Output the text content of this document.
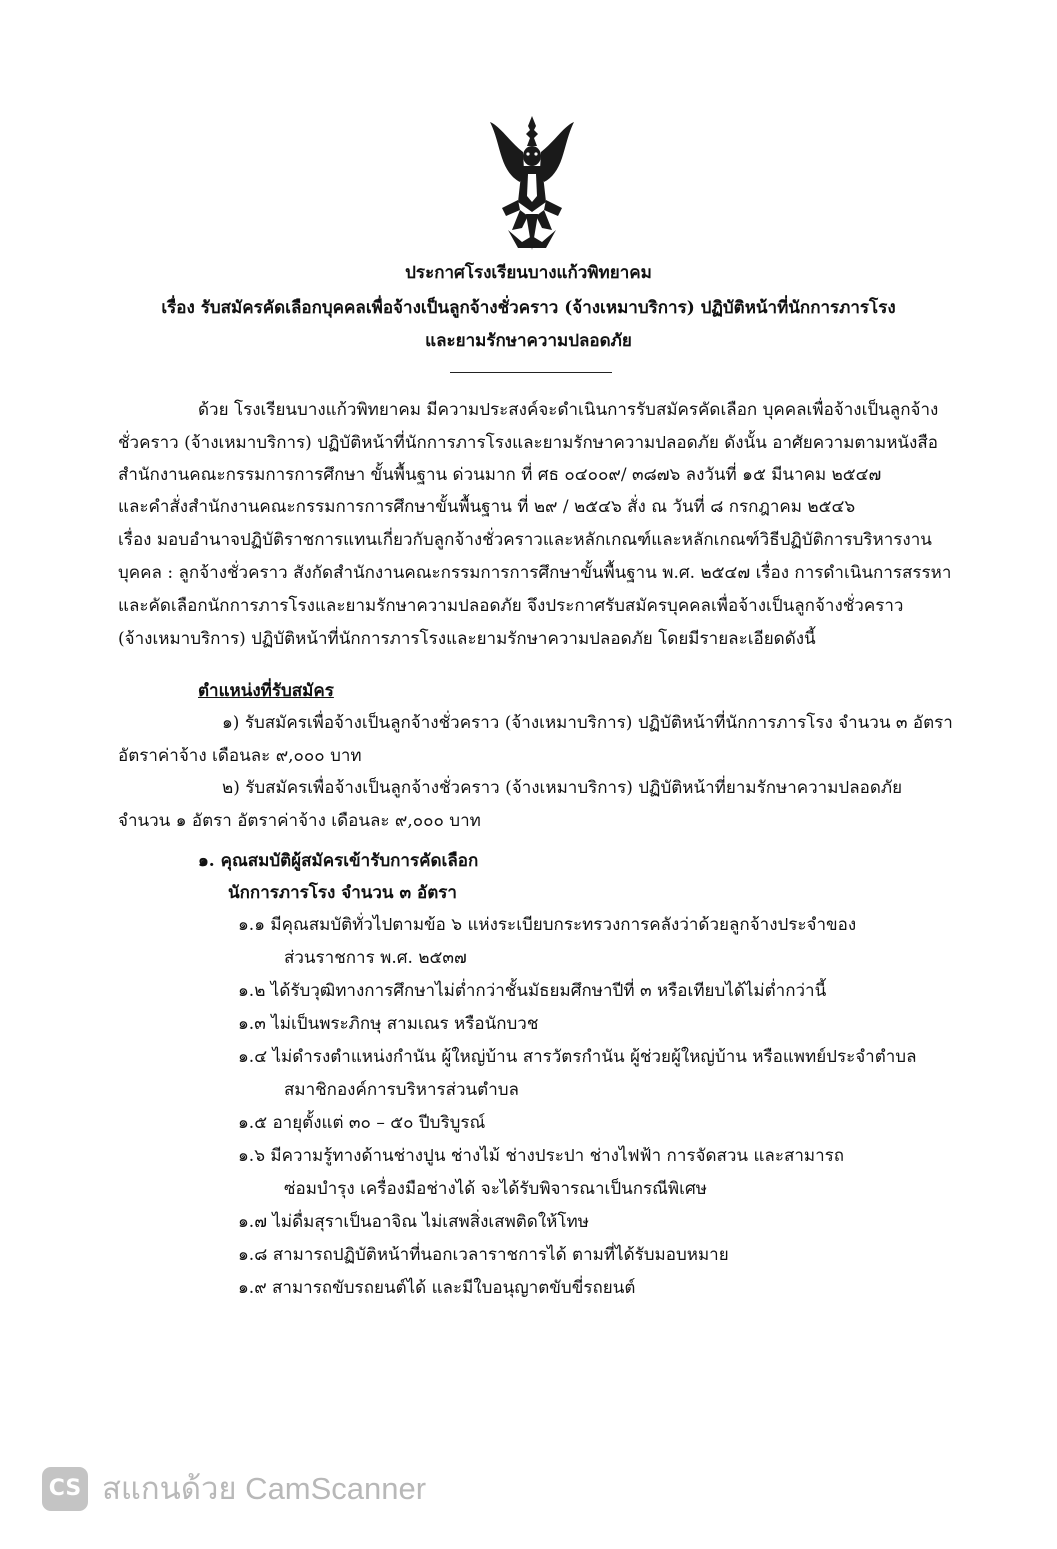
ประกาศโรงเรียนบางแก้วพิทยาคม
เรื่อง รับสมัครคัดเลือกบุคคลเพื่อจ้างเป็นลูกจ้างชั่วคราว (จ้างเหมาบริการ) ปฏิบัติหน้าที่นักการภารโรง
และยามรักษาความปลอดภัย
ด้วย โรงเรียนบางแก้วพิทยาคม มีความประสงค์จะดำเนินการรับสมัครคัดเลือก บุคคลเพื่อจ้างเป็นลูกจ้าง
ชั่วคราว (จ้างเหมาบริการ) ปฏิบัติหน้าที่นักการภารโรงและยามรักษาความปลอดภัย ดังนั้น อาศัยความตามหนังสือ
สำนักงานคณะกรรมการการศึกษา ขั้นพื้นฐาน ด่วนมาก ที่ ศธ ๐๔๐๐๙/ ๓๘๗๖ ลงวันที่ ๑๕ มีนาคม ๒๕๔๗
และคำสั่งสำนักงานคณะกรรมการการศึกษาขั้นพื้นฐาน ที่ ๒๙ / ๒๕๔๖ สั่ง ณ วันที่ ๘ กรกฎาคม ๒๕๔๖
เรื่อง มอบอำนาจปฏิบัติราชการแทนเกี่ยวกับลูกจ้างชั่วคราวและหลักเกณฑ์และหลักเกณฑ์วิธีปฏิบัติการบริหารงาน
บุคคล : ลูกจ้างชั่วคราว สังกัดสำนักงานคณะกรรมการการศึกษาขั้นพื้นฐาน พ.ศ. ๒๕๔๗ เรื่อง การดำเนินการสรรหา
และคัดเลือกนักการภารโรงและยามรักษาความปลอดภัย จึงประกาศรับสมัครบุคคลเพื่อจ้างเป็นลูกจ้างชั่วคราว
(จ้างเหมาบริการ) ปฏิบัติหน้าที่นักการภารโรงและยามรักษาความปลอดภัย โดยมีรายละเอียดดังนี้
ตำแหน่งที่รับสมัคร
๑) รับสมัครเพื่อจ้างเป็นลูกจ้างชั่วคราว (จ้างเหมาบริการ) ปฏิบัติหน้าที่นักการภารโรง จำนวน ๓ อัตรา
อัตราค่าจ้าง เดือนละ ๙,๐๐๐ บาท
๒) รับสมัครเพื่อจ้างเป็นลูกจ้างชั่วคราว (จ้างเหมาบริการ) ปฏิบัติหน้าที่ยามรักษาความปลอดภัย
จำนวน ๑ อัตรา อัตราค่าจ้าง เดือนละ ๙,๐๐๐ บาท
๑. คุณสมบัติผู้สมัครเข้ารับการคัดเลือก
นักการภารโรง จำนวน ๓ อัตรา
๑.๑ มีคุณสมบัติทั่วไปตามข้อ ๖ แห่งระเบียบกระทรวงการคลังว่าด้วยลูกจ้างประจำของ
ส่วนราชการ พ.ศ. ๒๕๓๗
๑.๒ ได้รับวุฒิทางการศึกษาไม่ต่ำกว่าชั้นมัธยมศึกษาปีที่ ๓ หรือเทียบได้ไม่ต่ำกว่านี้
๑.๓ ไม่เป็นพระภิกษุ สามเณร หรือนักบวช
๑.๔ ไม่ดำรงตำแหน่งกำนัน ผู้ใหญ่บ้าน สารวัตรกำนัน ผู้ช่วยผู้ใหญ่บ้าน หรือแพทย์ประจำตำบล
สมาชิกองค์การบริหารส่วนตำบล
๑.๕ อายุตั้งแต่ ๓๐ – ๕๐ ปีบริบูรณ์
๑.๖ มีความรู้ทางด้านช่างปูน ช่างไม้ ช่างประปา ช่างไฟฟ้า การจัดสวน และสามารถ
ซ่อมบำรุง เครื่องมือช่างได้ จะได้รับพิจารณาเป็นกรณีพิเศษ
๑.๗ ไม่ดื่มสุราเป็นอาจิณ ไม่เสพสิ่งเสพติดให้โทษ
๑.๘ สามารถปฏิบัติหน้าที่นอกเวลาราชการได้ ตามที่ได้รับมอบหมาย
๑.๙ สามารถขับรถยนต์ได้ และมีใบอนุญาตขับขี่รถยนต์
CS สแกนด้วย CamScanner
